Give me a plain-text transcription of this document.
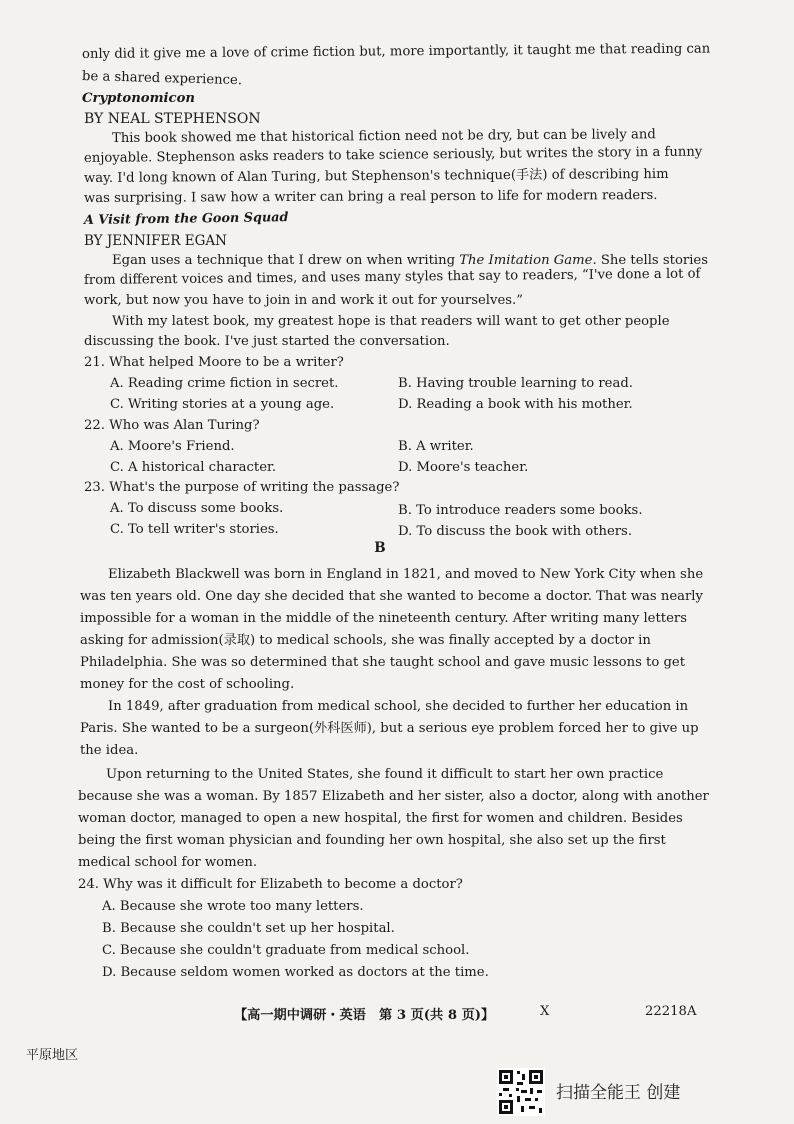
only did it give me a love of crime fiction but, more importantly, it taught me that reading can
be a shared experience.
Cryptonomicon
BY NEAL STEPHENSON
This book showed me that historical fiction need not be dry, but can be lively and
enjoyable. Stephenson asks readers to take science seriously, but writes the story in a funny
way. I'd long known of Alan Turing, but Stephenson's technique(手法) of describing him
was surprising. I saw how a writer can bring a real person to life for modern readers.
A Visit from the Goon Squad
BY JENNIFER EGAN
Egan uses a technique that I drew on when writing The Imitation Game. She tells stories
from different voices and times, and uses many styles that say to readers, “I've done a lot of
work, but now you have to join in and work it out for yourselves.”
With my latest book, my greatest hope is that readers will want to get other people
discussing the book. I've just started the conversation.
21. What helped Moore to be a writer?
A. Reading crime fiction in secret.	B. Having trouble learning to read.
C. Writing stories at a young age.	D. Reading a book with his mother.
22. Who was Alan Turing?
A. Moore's Friend.	B. A writer.
C. A historical character.	D. Moore's teacher.
23. What's the purpose of writing the passage?
A. To discuss some books.	B. To introduce readers some books.
C. To tell writer's stories.	D. To discuss the book with others.
B
Elizabeth Blackwell was born in England in 1821, and moved to New York City when she
was ten years old. One day she decided that she wanted to become a doctor. That was nearly
impossible for a woman in the middle of the nineteenth century. After writing many letters
asking for admission(录取) to medical schools, she was finally accepted by a doctor in
Philadelphia. She was so determined that she taught school and gave music lessons to get
money for the cost of schooling.
In 1849, after graduation from medical school, she decided to further her education in
Paris. She wanted to be a surgeon(外科医师), but a serious eye problem forced her to give up
the idea.
Upon returning to the United States, she found it difficult to start her own practice
because she was a woman. By 1857 Elizabeth and her sister, also a doctor, along with another
woman doctor, managed to open a new hospital, the first for women and children. Besides
being the first woman physician and founding her own hospital, she also set up the first
medical school for women.
24. Why was it difficult for Elizabeth to become a doctor?
A. Because she wrote too many letters.
B. Because she couldn't set up her hospital.
C. Because she couldn't graduate from medical school.
D. Because seldom women worked as doctors at the time.
【高一期中调研・英语　第 3 页(共 8 页)】	X	22218A
平原地区
扫描全能王 创建
